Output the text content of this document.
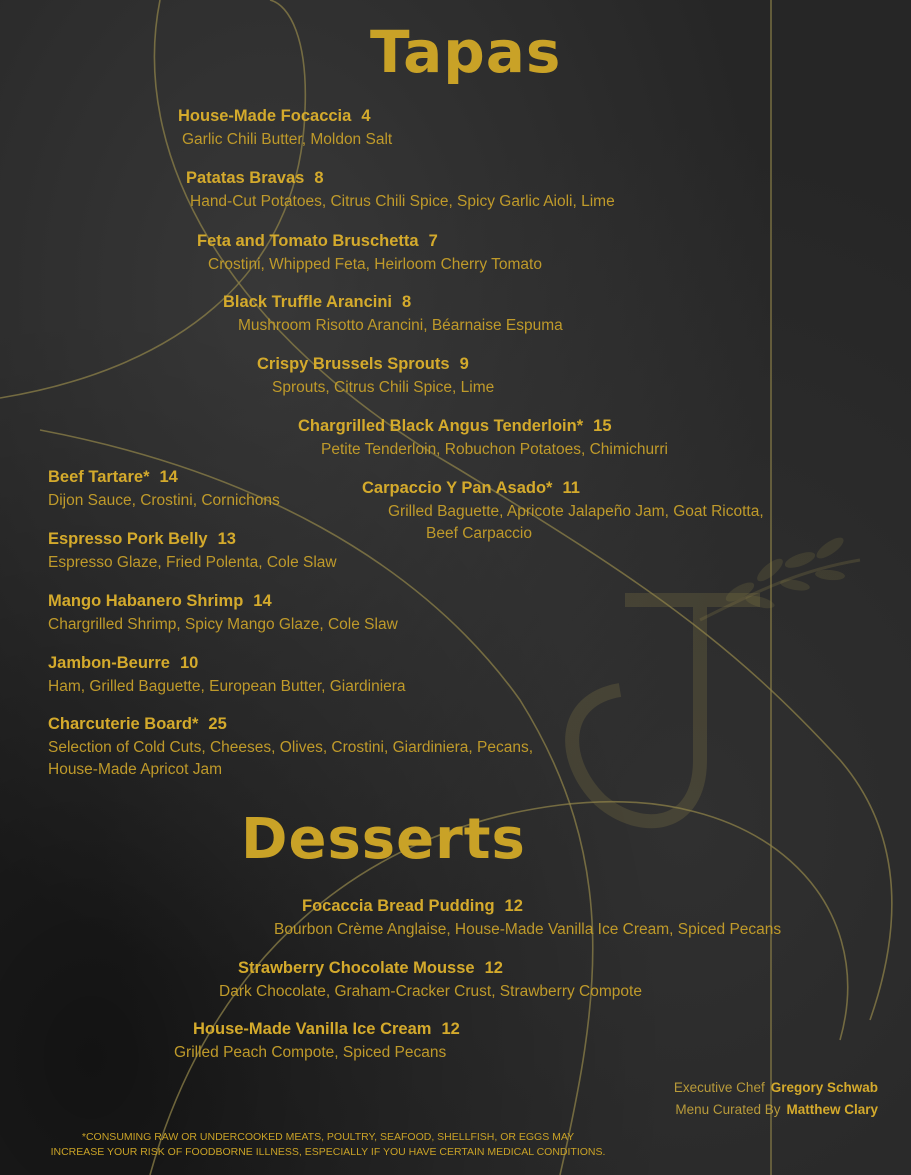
Tapas
House-Made Focaccia 4
Garlic Chili Butter, Moldon Salt
Patatas Bravas 8
Hand-Cut Potatoes, Citrus Chili Spice, Spicy Garlic Aioli, Lime
Feta and Tomato Bruschetta 7
Crostini, Whipped Feta, Heirloom Cherry Tomato
Black Truffle Arancini 8
Mushroom Risotto Arancini, Béarnaise Espuma
Crispy Brussels Sprouts 9
Sprouts, Citrus Chili Spice, Lime
Chargrilled Black Angus Tenderloin* 15
Petite Tenderloin, Robuchon Potatoes, Chimichurri
Carpaccio Y Pan Asado* 11
Grilled Baguette, Apricote Jalapeño Jam, Goat Ricotta,
Beef Carpaccio
Beef Tartare* 14
Dijon Sauce, Crostini, Cornichons
Espresso Pork Belly 13
Espresso Glaze, Fried Polenta, Cole Slaw
Mango Habanero Shrimp 14
Chargrilled Shrimp, Spicy Mango Glaze, Cole Slaw
Jambon-Beurre 10
Ham, Grilled Baguette, European Butter, Giardiniera
Charcuterie Board* 25
Selection of Cold Cuts, Cheeses, Olives, Crostini, Giardiniera, Pecans,
House-Made Apricot Jam
Desserts
Focaccia Bread Pudding 12
Bourbon Crème Anglaise, House-Made Vanilla Ice Cream, Spiced Pecans
Strawberry Chocolate Mousse 12
Dark Chocolate, Graham-Cracker Crust, Strawberry Compote
House-Made Vanilla Ice Cream 12
Grilled Peach Compote, Spiced Pecans
Executive Chef Gregory Schwab
Menu Curated By Matthew Clary
*CONSUMING RAW OR UNDERCOOKED MEATS, POULTRY, SEAFOOD, SHELLFISH, OR EGGS MAY
INCREASE YOUR RISK OF FOODBORNE ILLNESS, ESPECIALLY IF YOU HAVE CERTAIN MEDICAL CONDITIONS.
